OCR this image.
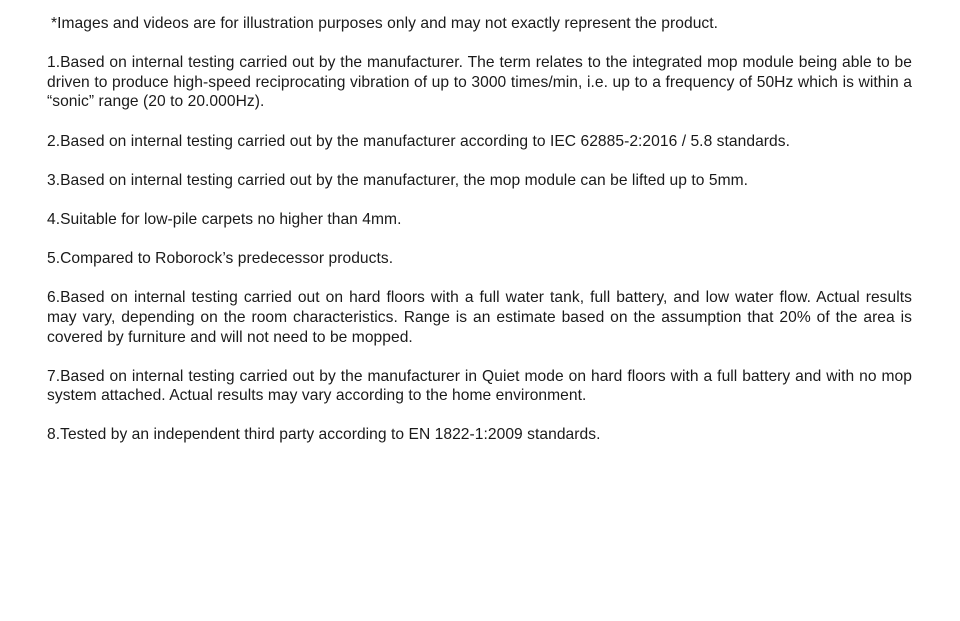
*Images and videos are for illustration purposes only and may not exactly represent the product.

1.Based on internal testing carried out by the manufacturer. The term relates to the integrated mop module being able to be driven to produce high-speed reciprocating vibration of up to 3000 times/min, i.e. up to a frequency of 50Hz which is within a “sonic” range (20 to 20.000Hz).

2.Based on internal testing carried out by the manufacturer according to IEC 62885-2:2016 / 5.8 standards.

3.Based on internal testing carried out by the manufacturer, the mop module can be lifted up to 5mm.

4.Suitable for low-pile carpets no higher than 4mm.

5.Compared to Roborock’s predecessor products.

6.Based on internal testing carried out on hard floors with a full water tank, full battery, and low water flow. Actual results may vary, depending on the room characteristics. Range is an estimate based on the assumption that 20% of the area is covered by furniture and will not need to be mopped.

7.Based on internal testing carried out by the manufacturer in Quiet mode on hard floors with a full battery and with no mop system attached. Actual results may vary according to the home environment.

8.Tested by an independent third party according to EN 1822-1:2009 standards.
